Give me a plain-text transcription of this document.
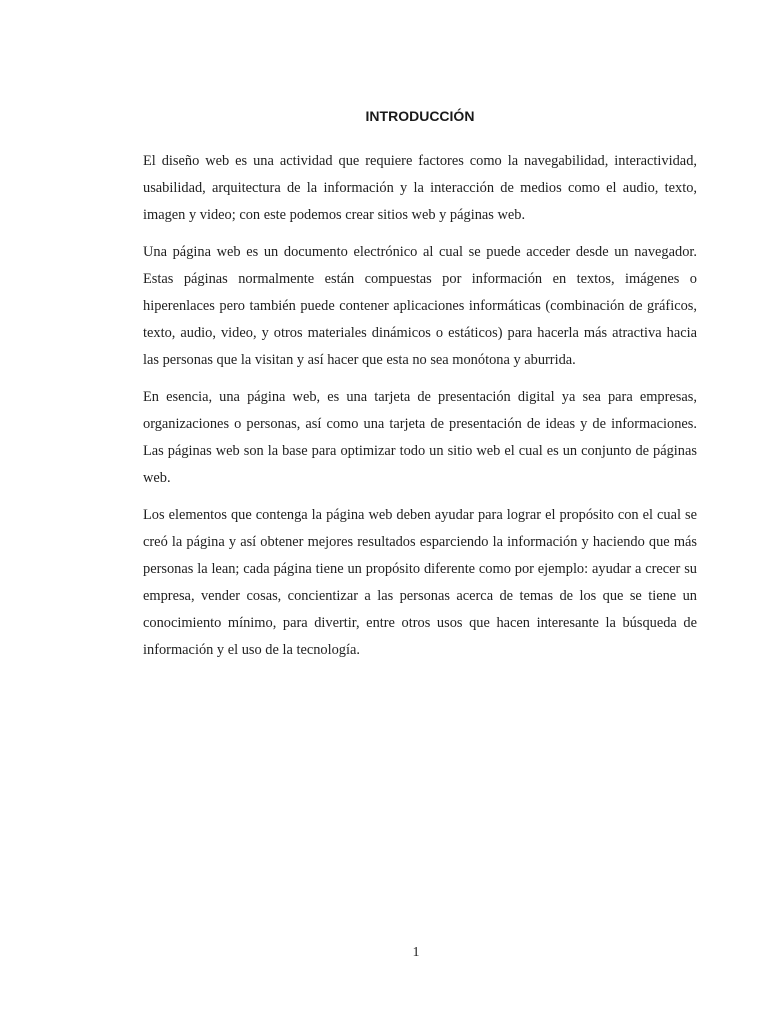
INTRODUCCIÓN

El diseño web es una actividad que requiere factores como la navegabilidad, interactividad, usabilidad, arquitectura de la información y la interacción de medios como el audio, texto, imagen y video; con este podemos crear sitios web y páginas web.

Una página web es un documento electrónico al cual se puede acceder desde un navegador. Estas páginas normalmente están compuestas por información en textos, imágenes o hiperenlaces pero también puede contener aplicaciones informáticas (combinación de gráficos, texto, audio, video, y otros materiales dinámicos o estáticos) para hacerla más atractiva hacia las personas que la visitan y así hacer que esta no sea monótona y aburrida.

En esencia, una página web, es una tarjeta de presentación digital ya sea para empresas, organizaciones o personas, así como una tarjeta de presentación de ideas y de informaciones. Las páginas web son la base para optimizar todo un sitio web el cual es un conjunto de páginas web.

Los elementos que contenga la página web deben ayudar para lograr el propósito con el cual se creó la página y así obtener mejores resultados esparciendo la información y haciendo que más personas la lean; cada página tiene un propósito diferente como por ejemplo: ayudar a crecer su empresa, vender cosas, concientizar a las personas acerca de temas de los que se tiene un conocimiento mínimo, para divertir, entre otros usos que hacen interesante la búsqueda de información y el uso de la tecnología.

1
